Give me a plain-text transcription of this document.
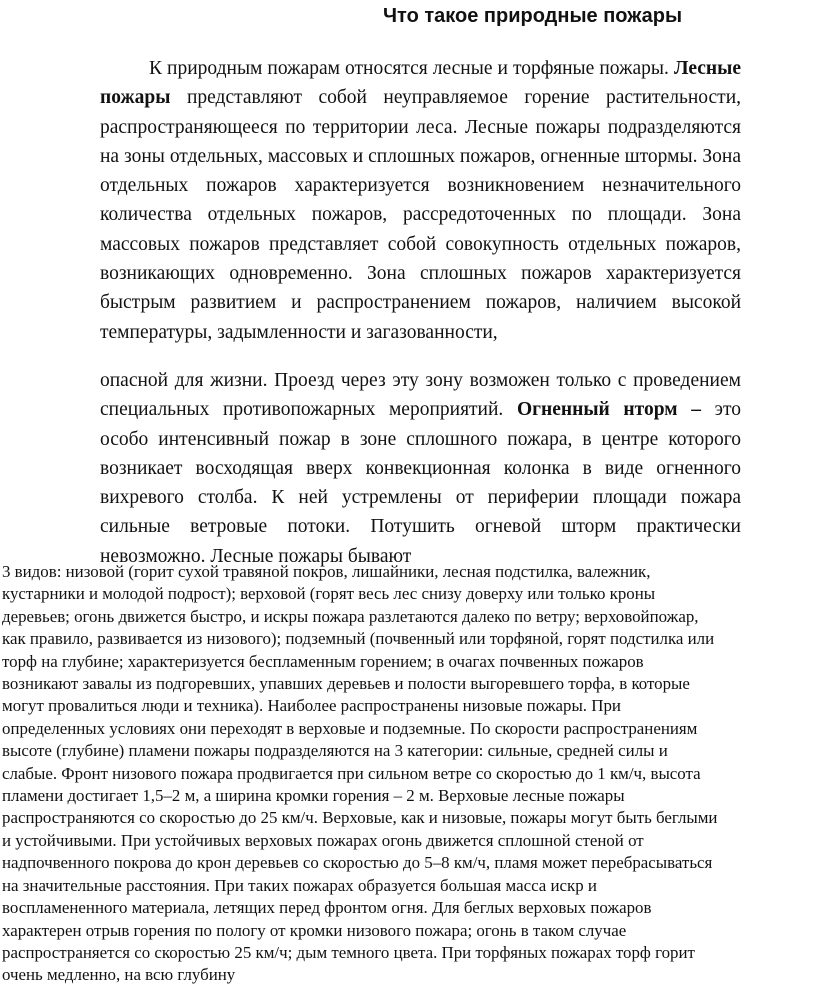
Что такое природные пожары

К природным пожарам относятся лесные и торфяные пожары. Лесные пожары представляют собой неуправляемое горение растительности, распространяющееся по территории леса. Лесные пожары подразделяются на зоны отдельных, массовых и сплошных пожаров, огненные штормы. Зона отдельных пожаров характеризуется возникновением незначительного количества отдельных пожаров, рассредоточенных по площади. Зона массовых пожаров представляет собой совокупность отдельных пожаров, возникающих одновременно. Зона сплошных пожаров характеризуется быстрым развитием и распространением пожаров, наличием высокой температуры, задымленности и загазованности,

опасной для жизни. Проезд через эту зону возможен только с проведением специальных противопожарных мероприятий. Огненный нторм – это особо интенсивный пожар в зоне сплошного пожара, в центре которого возникает восходящая вверх конвекционная колонка в виде огненного вихревого столба. К ней устремлены от периферии площади пожара сильные ветровые потоки. Потушить огневой шторм практически невозможно. Лесные пожары бывают

3 видов: низовой (горит сухой травяной покров, лишайники, лесная подстилка, валежник,
кустарники и молодой подрост); верховой (горят весь лес снизу доверху или только кроны
деревьев; огонь движется быстро, и искры пожара разлетаются далеко по ветру; верховойпожар,
как правило, развивается из низового); подземный (почвенный или торфяной, горят подстилка или
торф на глубине; характеризуется беспламенным горением; в очагах почвенных пожаров
возникают завалы из подгоревших, упавших деревьев и полости выгоревшего торфа, в которые
могут провалиться люди и техника). Наиболее распространены низовые пожары. При
определенных условиях они переходят в верховые и подземные. По скорости распространениям
высоте (глубине) пламени пожары подразделяются на 3 категории: сильные, средней силы и
слабые. Фронт низового пожара продвигается при сильном ветре со скоростью до 1 км/ч, высота
пламени достигает 1,5–2 м, а ширина кромки горения – 2 м. Верховые лесные пожары
распространяются со скоростью до 25 км/ч. Верховые, как и низовые, пожары могут быть беглыми
и устойчивыми. При устойчивых верховых пожарах огонь движется сплошной стеной от
надпочвенного покрова до крон деревьев со скоростью до 5–8 км/ч, пламя может перебрасываться
на значительные расстояния. При таких пожарах образуется большая масса искр и
воспламененного материала, летящих перед фронтом огня. Для беглых верховых пожаров
характерен отрыв горения по пологу от кромки низового пожара; огонь в таком случае
распространяется со скоростью 25 км/ч; дым темного цвета. При торфяных пожарах торф горит
очень медленно, на всю глубину
